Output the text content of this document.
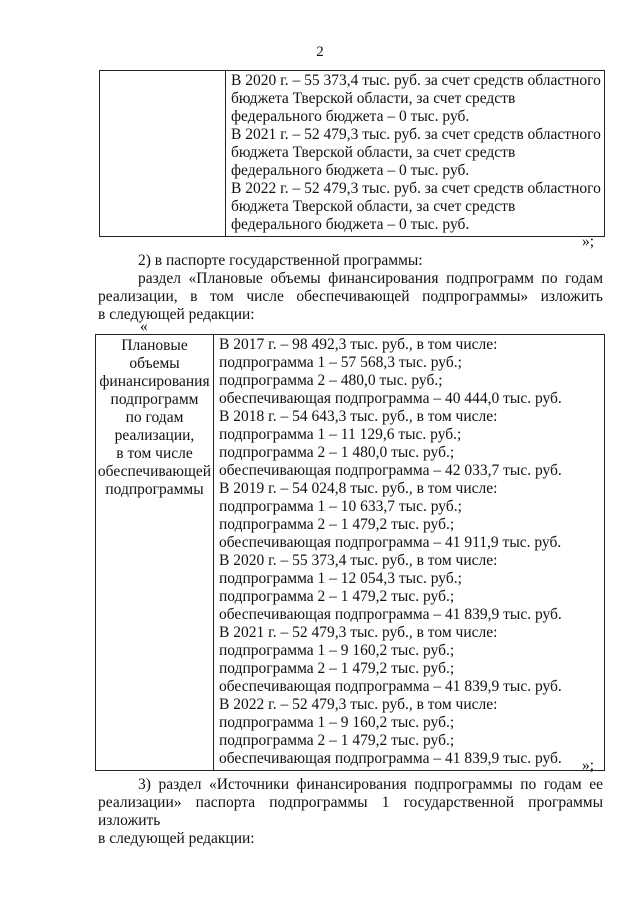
2

В 2020 г. – 55 373,4 тыс. руб. за счет средств областного
бюджета Тверской области, за счет средств
федерального бюджета – 0 тыс. руб.
В 2021 г. – 52 479,3 тыс. руб. за счет средств областного
бюджета Тверской области, за счет средств
федерального бюджета – 0 тыс. руб.
В 2022 г. – 52 479,3 тыс. руб. за счет средств областного
бюджета Тверской области, за счет средств
федерального бюджета – 0 тыс. руб.
»;
2) в паспорте государственной программы:
раздел «Плановые объемы финансирования подпрограмм по годам
реализации, в том числе обеспечивающей подпрограммы» изложить
в следующей редакции:
«
Плановые
объемы
финансирования
подпрограмм
по годам
реализации,
в том числе
обеспечивающей
подпрограммы

В 2017 г. – 98 492,3 тыс. руб., в том числе:
подпрограмма 1 – 57 568,3 тыс. руб.;
подпрограмма 2 – 480,0 тыс. руб.;
обеспечивающая подпрограмма – 40 444,0 тыс. руб.
В 2018 г. – 54 643,3 тыс. руб., в том числе:
подпрограмма 1 – 11 129,6 тыс. руб.;
подпрограмма 2 – 1 480,0 тыс. руб.;
обеспечивающая подпрограмма – 42 033,7 тыс. руб.
В 2019 г. – 54 024,8 тыс. руб., в том числе:
подпрограмма 1 – 10 633,7 тыс. руб.;
подпрограмма 2 – 1 479,2 тыс. руб.;
обеспечивающая подпрограмма – 41 911,9 тыс. руб.
В 2020 г. – 55 373,4 тыс. руб., в том числе:
подпрограмма 1 – 12 054,3 тыс. руб.;
подпрограмма 2 – 1 479,2 тыс. руб.;
обеспечивающая подпрограмма – 41 839,9 тыс. руб.
В 2021 г. – 52 479,3 тыс. руб., в том числе:
подпрограмма 1 – 9 160,2 тыс. руб.;
подпрограмма 2 – 1 479,2 тыс. руб.;
обеспечивающая подпрограмма – 41 839,9 тыс. руб.
В 2022 г. – 52 479,3 тыс. руб., в том числе:
подпрограмма 1 – 9 160,2 тыс. руб.;
подпрограмма 2 – 1 479,2 тыс. руб.;
обеспечивающая подпрограмма – 41 839,9 тыс. руб.	»;
3) раздел «Источники финансирования подпрограммы по годам ее
реализации» паспорта подпрограммы 1 государственной программы изложить
в следующей редакции:
